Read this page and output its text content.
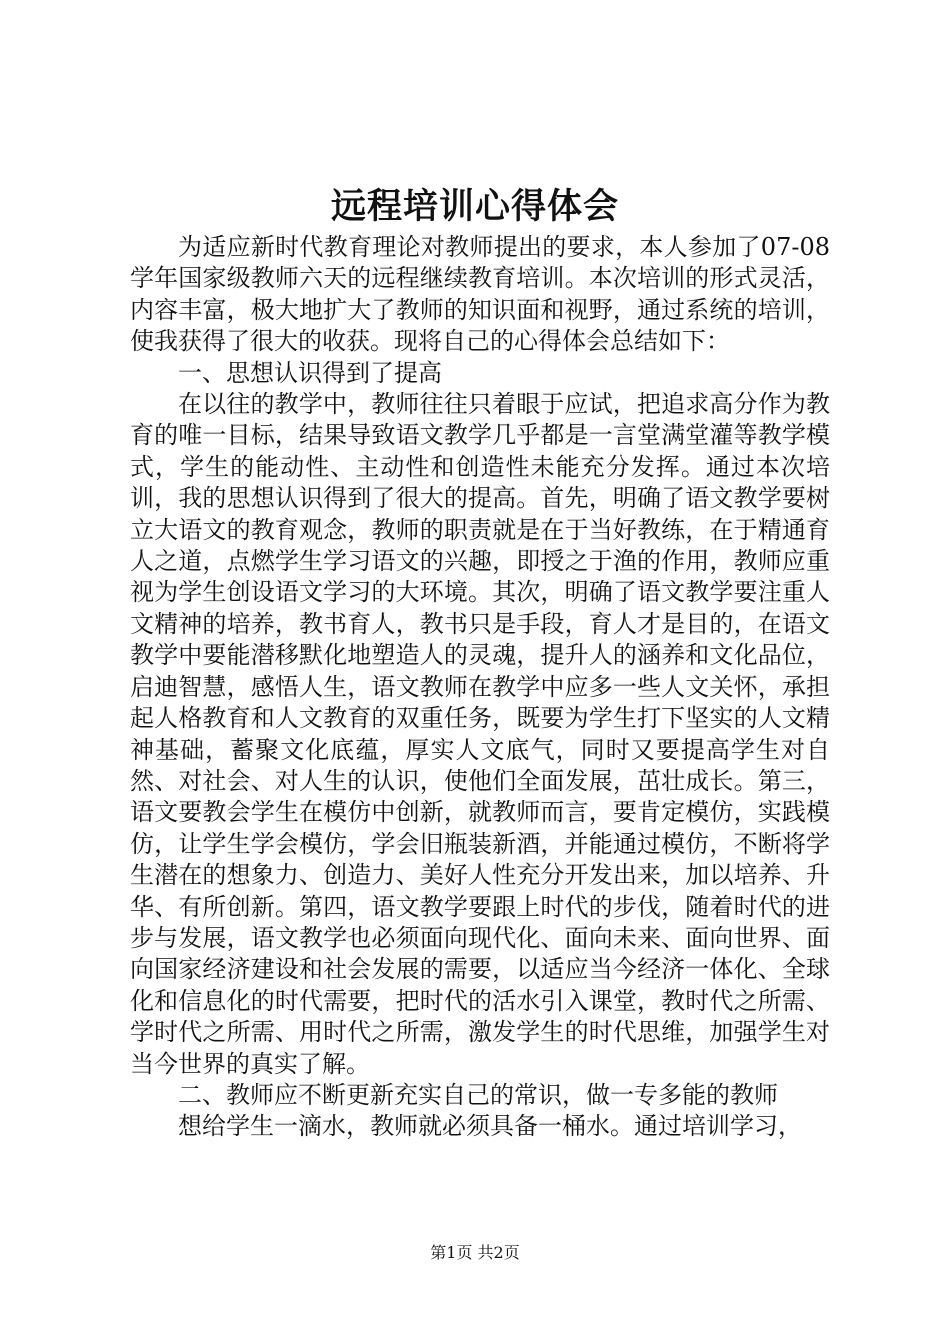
远程培训心得体会

为适应新时代教育理论对教师提出的要求，本人参加了07-08学年国家级教师六天的远程继续教育培训。本次培训的形式灵活，内容丰富，极大地扩大了教师的知识面和视野，通过系统的培训，使我获得了很大的收获。现将自己的心得体会总结如下：

一、思想认识得到了提高

在以往的教学中，教师往往只着眼于应试，把追求高分作为教育的唯一目标，结果导致语文教学几乎都是一言堂满堂灌等教学模式，学生的能动性、主动性和创造性未能充分发挥。通过本次培训，我的思想认识得到了很大的提高。首先，明确了语文教学要树立大语文的教育观念，教师的职责就是在于当好教练，在于精通育人之道，点燃学生学习语文的兴趣，即授之于渔的作用，教师应重视为学生创设语文学习的大环境。其次，明确了语文教学要注重人文精神的培养，教书育人，教书只是手段，育人才是目的，在语文教学中要能潜移默化地塑造人的灵魂，提升人的涵养和文化品位，启迪智慧，感悟人生，语文教师在教学中应多一些人文关怀，承担起人格教育和人文教育的双重任务，既要为学生打下坚实的人文精神基础，蓄聚文化底蕴，厚实人文底气，同时又要提高学生对自然、对社会、对人生的认识，使他们全面发展，茁壮成长。第三，语文要教会学生在模仿中创新，就教师而言，要肯定模仿，实践模仿，让学生学会模仿，学会旧瓶装新酒，并能通过模仿，不断将学生潜在的想象力、创造力、美好人性充分开发出来，加以培养、升华、有所创新。第四，语文教学要跟上时代的步伐，随着时代的进步与发展，语文教学也必须面向现代化、面向未来、面向世界、面向国家经济建设和社会发展的需要，以适应当今经济一体化、全球化和信息化的时代需要，把时代的活水引入课堂，教时代之所需、学时代之所需、用时代之所需，激发学生的时代思维，加强学生对当今世界的真实了解。

二、教师应不断更新充实自己的常识，做一专多能的教师

想给学生一滴水，教师就必须具备一桶水。通过培训学习，

第1页 共2页
